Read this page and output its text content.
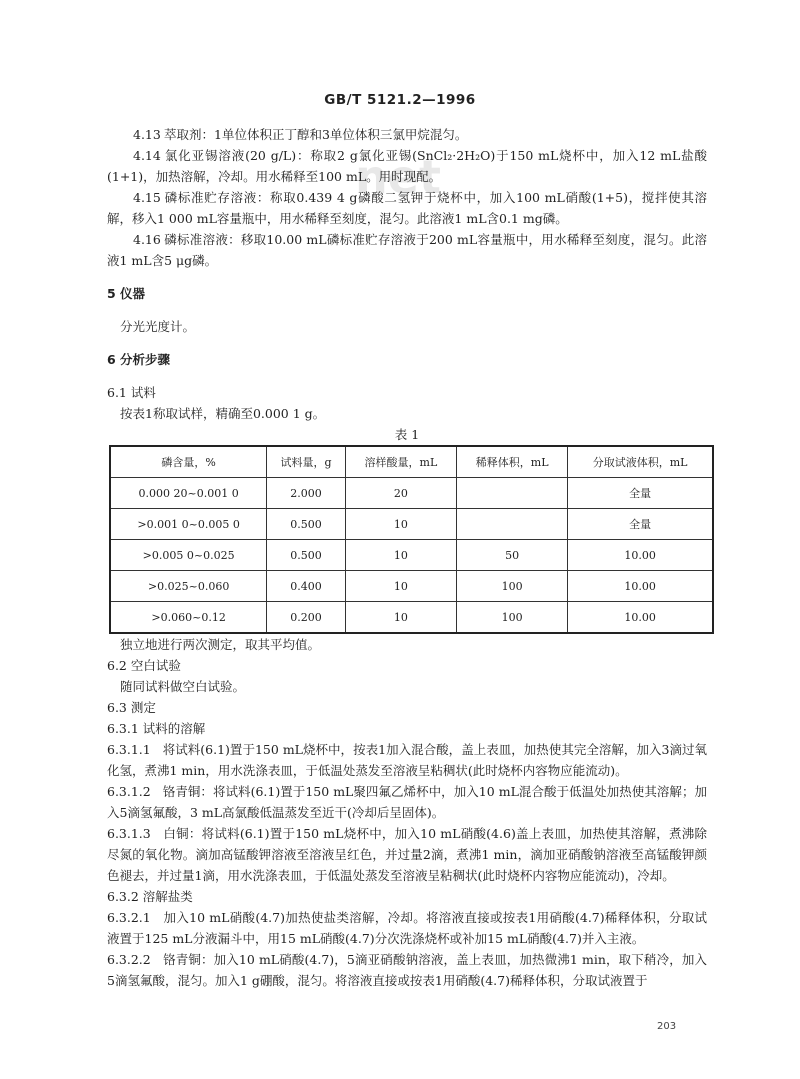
net
GB/T 5121.2—1996

4.13 萃取剂：1单位体积正丁醇和3单位体积三氯甲烷混匀。

4.14 氯化亚锡溶液(20 g/L)：称取2 g氯化亚锡(SnCl₂·2H₂O)于150 mL烧杯中，加入12 mL盐酸(1+1)，加热溶解，冷却。用水稀释至100 mL。用时现配。

4.15 磷标准贮存溶液：称取0.439 4 g磷酸二氢钾于烧杯中，加入100 mL硝酸(1+5)，搅拌使其溶解，移入1 000 mL容量瓶中，用水稀释至刻度，混匀。此溶液1 mL含0.1 mg磷。

4.16 磷标准溶液：移取10.00 mL磷标准贮存溶液于200 mL容量瓶中，用水稀释至刻度，混匀。此溶液1 mL含5 μg磷。

5 仪器

分光光度计。

6 分析步骤

6.1 试料

按表1称取试样，精确至0.000 1 g。

表 1
磷含量，%	试料量，g	溶样酸量，mL	稀释体积，mL	分取试液体积，mL
0.000 20~0.001 0	2.000	20		全量
>0.001 0~0.005 0	0.500	10		全量
>0.005 0~0.025	0.500	10	50	10.00
>0.025~0.060	0.400	10	100	10.00
>0.060~0.12	0.200	10	100	10.00

独立地进行两次测定，取其平均值。

6.2 空白试验

随同试料做空白试验。

6.3 测定

6.3.1 试料的溶解

6.3.1.1 将试料(6.1)置于150 mL烧杯中，按表1加入混合酸，盖上表皿，加热使其完全溶解，加入3滴过氧化氢，煮沸1 min，用水洗涤表皿，于低温处蒸发至溶液呈粘稠状(此时烧杯内容物应能流动)。

6.3.1.2 铬青铜：将试料(6.1)置于150 mL聚四氟乙烯杯中，加入10 mL混合酸于低温处加热使其溶解；加入5滴氢氟酸，3 mL高氯酸低温蒸发至近干(冷却后呈固体)。

6.3.1.3 白铜：将试料(6.1)置于150 mL烧杯中，加入10 mL硝酸(4.6)盖上表皿，加热使其溶解，煮沸除尽氮的氧化物。滴加高锰酸钾溶液至溶液呈红色，并过量2滴，煮沸1 min，滴加亚硝酸钠溶液至高锰酸钾颜色褪去，并过量1滴，用水洗涤表皿，于低温处蒸发至溶液呈粘稠状(此时烧杯内容物应能流动)，冷却。

6.3.2 溶解盐类

6.3.2.1 加入10 mL硝酸(4.7)加热使盐类溶解，冷却。将溶液直接或按表1用硝酸(4.7)稀释体积，分取试液置于125 mL分液漏斗中，用15 mL硝酸(4.7)分次洗涤烧杯或补加15 mL硝酸(4.7)并入主液。

6.3.2.2 铬青铜：加入10 mL硝酸(4.7)，5滴亚硝酸钠溶液，盖上表皿，加热微沸1 min，取下稍冷，加入5滴氢氟酸，混匀。加入1 g硼酸，混匀。将溶液直接或按表1用硝酸(4.7)稀释体积，分取试液置于

203
